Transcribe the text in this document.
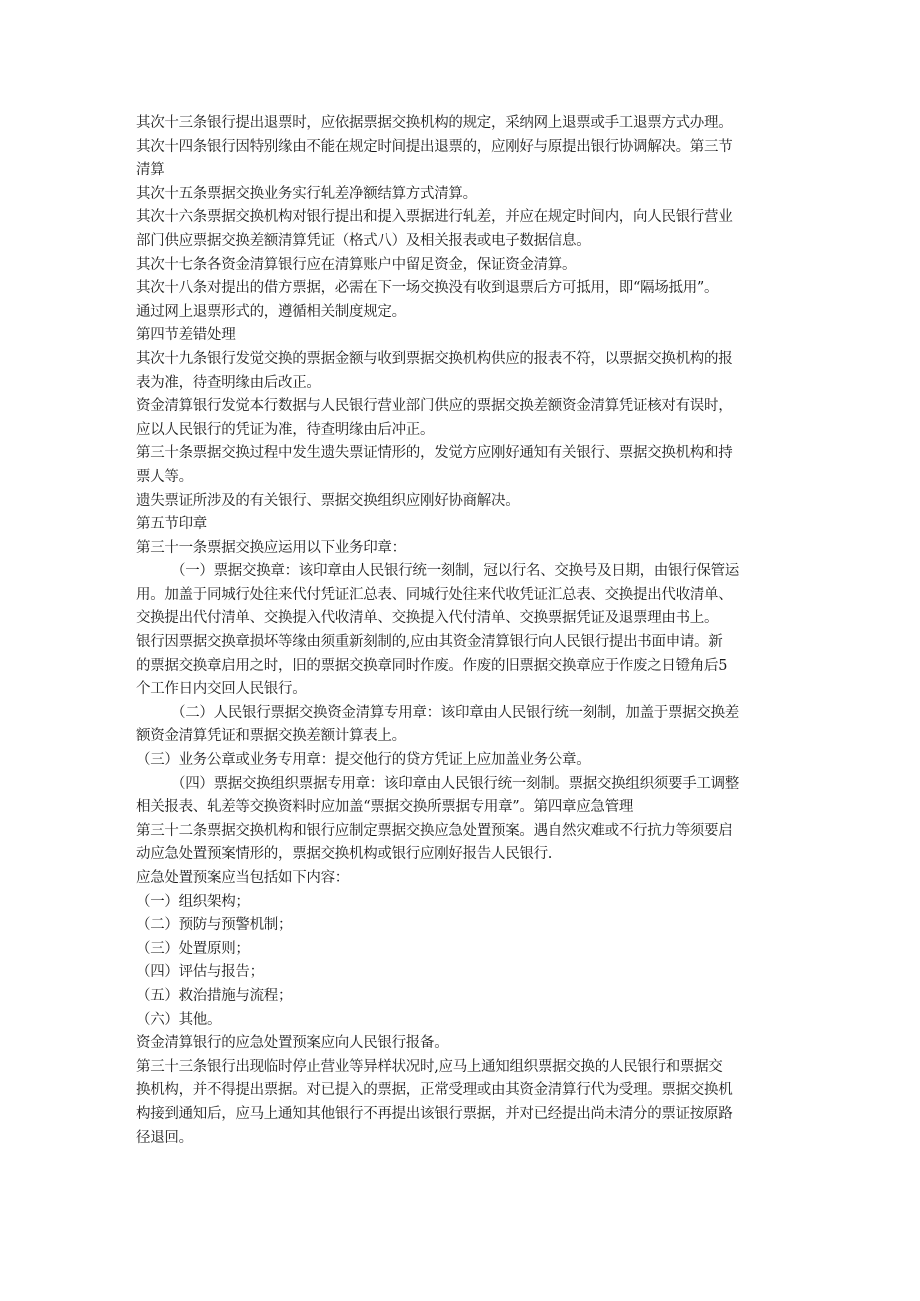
其次十三条银行提出退票时，应依据票据交换机构的规定，采纳网上退票或手工退票方式办理。
其次十四条银行因特别缘由不能在规定时间提出退票的，应刚好与原提出银行协调解决。第三节
清算
其次十五条票据交换业务实行轧差净额结算方式清算。
其次十六条票据交换机构对银行提出和提入票据进行轧差，并应在规定时间内，向人民银行营业
部门供应票据交换差额清算凭证（格式八）及相关报表或电子数据信息。
其次十七条各资金清算银行应在清算账户中留足资金，保证资金清算。
其次十八条对提出的借方票据，必需在下一场交换没有收到退票后方可抵用，即“隔场抵用”。
通过网上退票形式的，遵循相关制度规定。
第四节差错处理
其次十九条银行发觉交换的票据金额与收到票据交换机构供应的报表不符，以票据交换机构的报
表为准，待查明缘由后改正。
资金清算银行发觉本行数据与人民银行营业部门供应的票据交换差额资金清算凭证核对有误时，
应以人民银行的凭证为准，待查明缘由后冲正。
第三十条票据交换过程中发生遗失票证情形的，发觉方应刚好通知有关银行、票据交换机构和持
票人等。
遗失票证所涉及的有关银行、票据交换组织应刚好协商解决。
第五节印章
第三十一条票据交换应运用以下业务印章：
（一）票据交换章：该印章由人民银行统一刻制，冠以行名、交换号及日期，由银行保管运
用。加盖于同城行处往来代付凭证汇总表、同城行处往来代收凭证汇总表、交换提出代收清单、
交换提出代付清单、交换提入代收清单、交换提入代付清单、交换票据凭证及退票理由书上。
银行因票据交换章损坏等缘由须重新刻制的,应由其资金清算银行向人民银行提出书面申请。新
的票据交换章启用之时，旧的票据交换章同时作废。作废的旧票据交换章应于作废之日镫角后5
个工作日内交回人民银行。
（二）人民银行票据交换资金清算专用章：该印章由人民银行统一刻制，加盖于票据交换差
额资金清算凭证和票据交换差额计算表上。
（三）业务公章或业务专用章：提交他行的贷方凭证上应加盖业务公章。
（四）票据交换组织票据专用章：该印章由人民银行统一刻制。票据交换组织须要手工调整
相关报表、轧差等交换资料时应加盖“票据交换所票据专用章”。第四章应急管理
第三十二条票据交换机构和银行应制定票据交换应急处置预案。遇自然灾难或不行抗力等须要启
动应急处置预案情形的，票据交换机构或银行应刚好报告人民银行.
应急处置预案应当包括如下内容：
（一）组织架构；
（二）预防与预警机制；
（三）处置原则；
（四）评估与报告；
（五）救治措施与流程；
（六）其他。
资金清算银行的应急处置预案应向人民银行报备。
第三十三条银行出现临时停止营业等异样状况时,应马上通知组织票据交换的人民银行和票据交
换机构，并不得提出票据。对已提入的票据，正常受理或由其资金清算行代为受理。票据交换机
构接到通知后，应马上通知其他银行不再提出该银行票据，并对已经提出尚未清分的票证按原路
径退回。
